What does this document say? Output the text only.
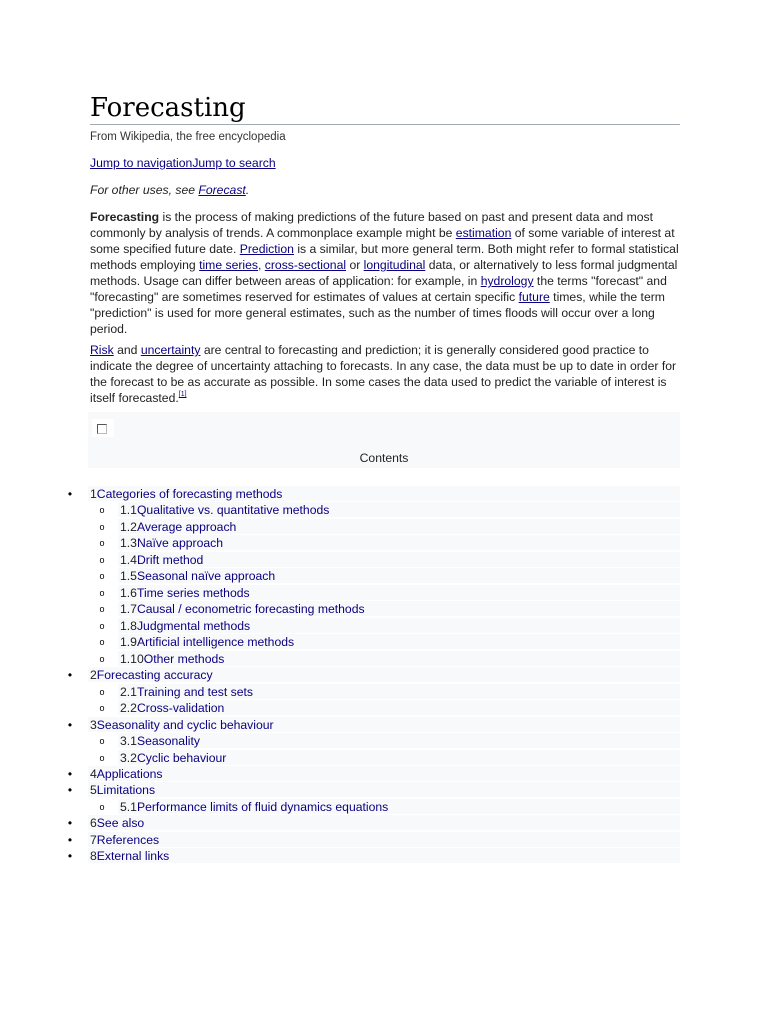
Forecasting
From Wikipedia, the free encyclopedia
Jump to navigationJump to search
For other uses, see Forecast.

Forecasting is the process of making predictions of the future based on past and present data and most commonly by analysis of trends. A commonplace example might be estimation of some variable of interest at some specified future date. Prediction is a similar, but more general term. Both might refer to formal statistical methods employing time series, cross-sectional or longitudinal data, or alternatively to less formal judgmental methods. Usage can differ between areas of application: for example, in hydrology the terms "forecast" and "forecasting" are sometimes reserved for estimates of values at certain specific future times, while the term "prediction" is used for more general estimates, such as the number of times floods will occur over a long period.

Risk and uncertainty are central to forecasting and prediction; it is generally considered good practice to indicate the degree of uncertainty attaching to forecasts. In any case, the data must be up to date in order for the forecast to be as accurate as possible. In some cases the data used to predict the variable of interest is itself forecasted.[1]

Contents
•	1Categories of forecasting methods
o 1.1Qualitative vs. quantitative methods
o 1.2Average approach
o 1.3Naïve approach
o 1.4Drift method
o 1.5Seasonal naïve approach
o 1.6Time series methods
o 1.7Causal / econometric forecasting methods
o 1.8Judgmental methods
o 1.9Artificial intelligence methods
o 1.10Other methods
•	2Forecasting accuracy
o 2.1Training and test sets
o 2.2Cross-validation
•	3Seasonality and cyclic behaviour
o 3.1Seasonality
o 3.2Cyclic behaviour
•	4Applications
•	5Limitations
o 5.1Performance limits of fluid dynamics equations
•	6See also
•	7References
•	8External links
